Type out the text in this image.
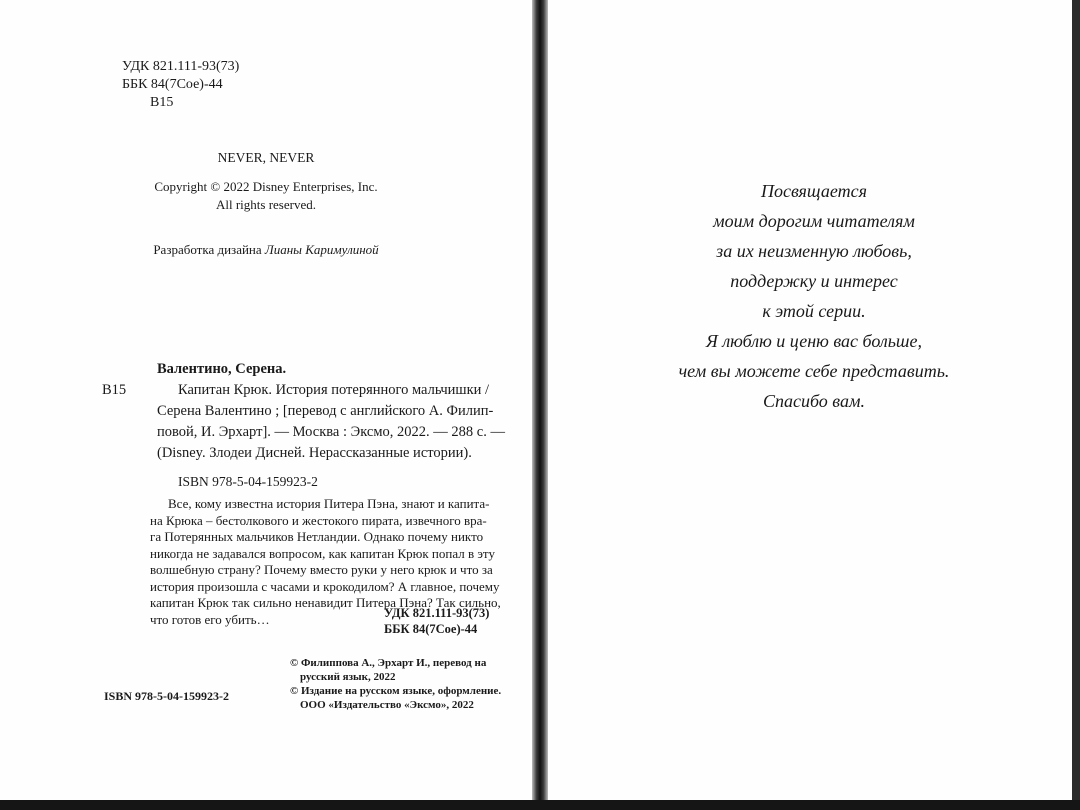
УДК 821.111-93(73)
ББК 84(7Сое)-44
В15
NEVER, NEVER
Copyright © 2022 Disney Enterprises, Inc.
All rights reserved.
Разработка дизайна Лианы Каримулиной
Валентино, Серена.
В15	Капитан Крюк. История потерянного мальчишки /
Серена Валентино ; [перевод с английского А. Филип-
повой, И. Эрхарт]. — Москва : Эксмо, 2022. — 288 с. —
(Disney. Злодеи Дисней. Нерассказанные истории).
ISBN 978-5-04-159923-2
Все, кому известна история Питера Пэна, знают и капита-
на Крюка – бестолкового и жестокого пирата, извечного вра-
га Потерянных мальчиков Нетландии. Однако почему никто
никогда не задавался вопросом, как капитан Крюк попал в эту
волшебную страну? Почему вместо руки у него крюк и что за
история произошла с часами и крокодилом? А главное, почему
капитан Крюк так сильно ненавидит Питера Пэна? Так сильно,
что готов его убить…	УДК 821.111-93(73)
ББК 84(7Сое)-44
© Филиппова А., Эрхарт И., перевод на
русский язык, 2022
© Издание на русском языке, оформление.
ООО «Издательство «Эксмо», 2022
ISBN 978-5-04-159923-2
Посвящается
моим дорогим читателям
за их неизменную любовь,
поддержку и интерес
к этой серии.
Я люблю и ценю вас больше,
чем вы можете себе представить.
Спасибо вам.
